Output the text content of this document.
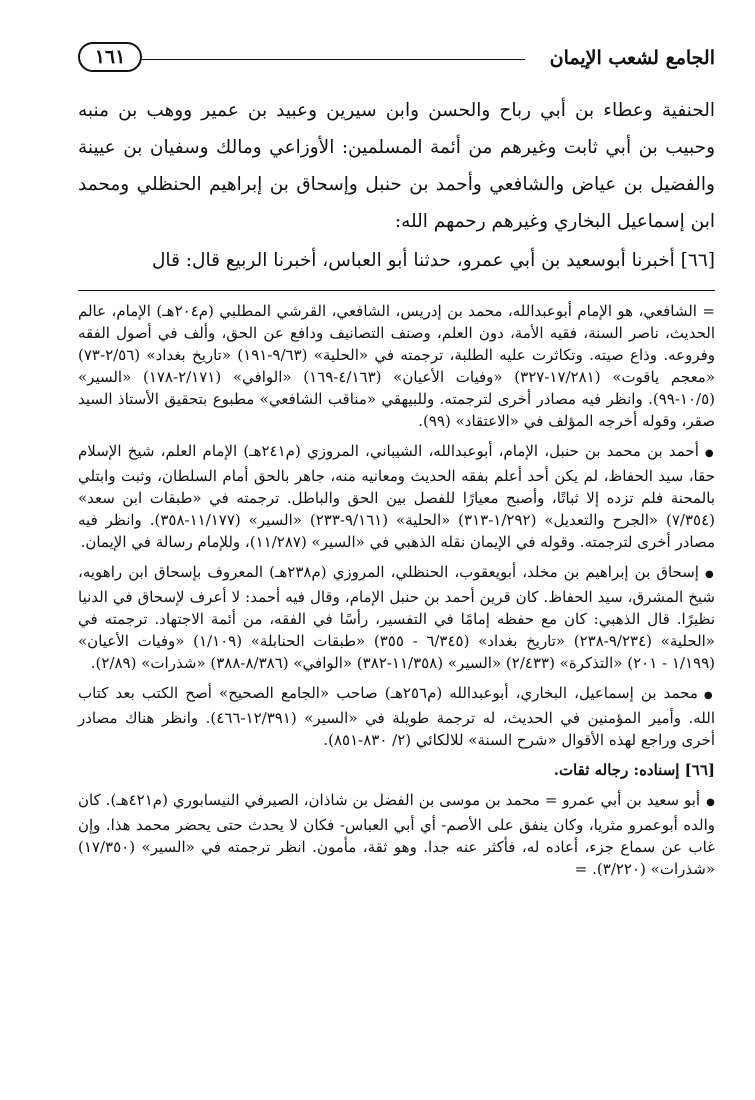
١٦١	الجامع لشعب الإيمان

الحنفية وعطاء بن أبي رباح والحسن وابن سيرين وعبيد بن عمير ووهب بن منبه وحبيب بن أبي ثابت وغيرهم من أئمة المسلمين: الأوزاعي ومالك وسفيان بن عيينة والفضيل بن عياض والشافعي وأحمد بن حنبل وإسحاق بن إبراهيم الحنظلي ومحمد ابن إسماعيل البخاري وغيرهم رحمهم الله:

[٦٦] أخبرنا أبوسعيد بن أبي عمرو، حدثنا أبو العباس، أخبرنا الربيع قال: قال

= الشافعي، هو الإمام أبوعبدالله، محمد بن إدريس، الشافعي، القرشي المطلبي (م٢٠٤هـ) الإمام، عالم الحديث، ناصر السنة، فقيه الأمة، دون العلم، وصنف التصانيف ودافع عن الحق، وألف في أصول الفقه وفروعه. وذاع صيته. وتكاثرت عليه الطلبة، ترجمته في «الحلية» (٩/٦٣-١٩١) «تاريخ بغداد» (٢/٥٦-٧٣) «معجم ياقوت» (١٧/٢٨١-٣٢٧) «وفيات الأعيان» (٤/١٦٣-١٦٩) «الوافي» (٢/١٧١-١٧٨) «السير» (١٠/٥-٩٩). وانظر فيه مصادر أخرى لترجمته. وللبيهقي «مناقب الشافعي» مطبوع بتحقيق الأستاذ السيد صقر، وقوله أخرجه المؤلف في «الاعتقاد» (٩٩).

● أحمد بن محمد بن حنبل، الإمام، أبوعبدالله، الشيباني، المروزي (م٢٤١هـ) الإمام العلم، شيخ الإسلام حقا، سيد الحفاظ، لم يكن أحد أعلم بفقه الحديث ومعانيه منه، جاهر بالحق أمام السلطان، وثبت وابتلي بالمحنة فلم تزده إلا ثباتًا، وأصبح معيارًا للفصل بين الحق والباطل. ترجمته في «طبقات ابن سعد» (٧/٣٥٤) «الجرح والتعديل» (١/٢٩٢-٣١٣) «الحلية» (٩/١٦١-٢٣٣) «السير» (١١/١٧٧-٣٥٨). وانظر فيه مصادر أخرى لترجمته. وقوله في الإيمان نقله الذهبي في «السير» (١١/٢٨٧)، وللإمام رسالة في الإيمان.

● إسحاق بن إبراهيم بن مخلد، أبويعقوب، الحنظلي، المروزي (م٢٣٨هـ) المعروف بإسحاق ابن راهويه، شيخ المشرق، سيد الحفاظ. كان قرين أحمد بن حنبل الإمام، وقال فيه أحمد: لا أعرف لإسحاق في الدنيا نظيرًا. قال الذهبي: كان مع حفظه إمامًا في التفسير، رأسًا في الفقه، من أئمة الاجتهاد. ترجمته في «الحلية» (٩/٢٣٤-٢٣٨) «تاريخ بغداد» (٦/٣٤٥ - ٣٥٥) «طبقات الحنابلة» (١/١٠٩) «وفيات الأعيان» (١/١٩٩ - ٢٠١) «التذكرة» (٢/٤٣٣) «السير» (١١/٣٥٨-٣٨٢) «الوافي» (٨/٣٨٦-٣٨٨) «شذرات» (٢/٨٩).

● محمد بن إسماعيل، البخاري، أبوعبدالله (م٢٥٦هـ) صاحب «الجامع الصحيح» أصح الكتب بعد كتاب الله. وأمير المؤمنين في الحديث، له ترجمة طويلة في «السير» (١٢/٣٩١-٤٦٦). وانظر هناك مصادر أخرى وراجع لهذه الأقوال «شرح السنة» للالكائي (٢/ ٨٣٠-٨٥١).

[٦٦] إسناده: رجاله ثقات.

● أبو سعيد بن أبي عمرو = محمد بن موسى بن الفضل بن شاذان، الصيرفي النيسابوري (م٤٢١هـ). كان والده أبوعمرو مثريا، وكان ينفق على الأصم- أي أبي العباس- فكان لا يحدث حتى يحضر محمد هذا. وإن غاب عن سماع جزء، أعاده له، فأكثر عنه جدا. وهو ثقة، مأمون. انظر ترجمته في «السير» (١٧/٣٥٠) «شذرات» (٣/٢٢٠). =
